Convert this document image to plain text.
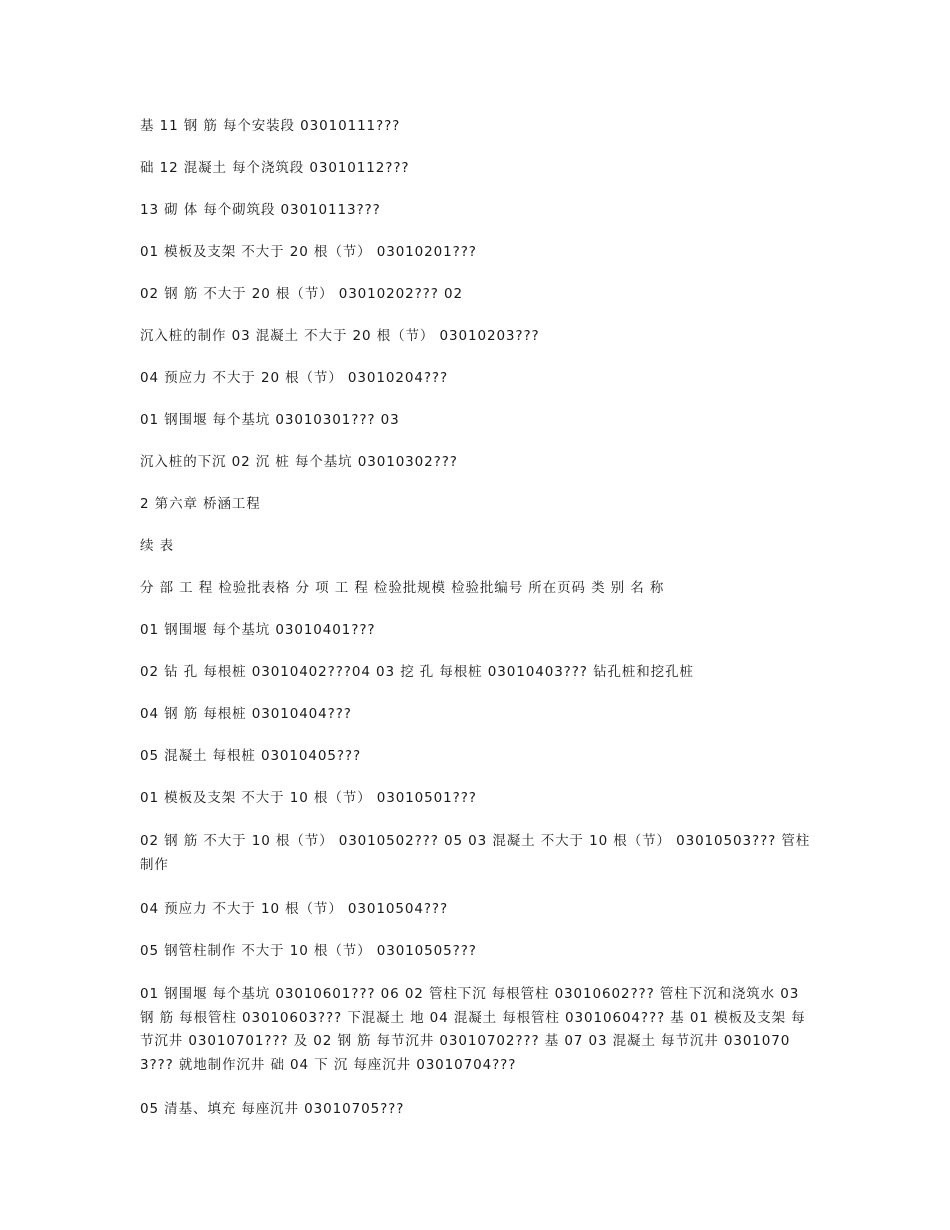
基 11 钢 筋 每个安装段 03010111???

础 12 混凝土 每个浇筑段 03010112???

13 砌 体 每个砌筑段 03010113???

01 模板及支架 不大于 20 根（节） 03010201???

02 钢 筋 不大于 20 根（节） 03010202??? 02

沉入桩的制作 03 混凝土 不大于 20 根（节） 03010203???

04 预应力 不大于 20 根（节） 03010204???

01 钢围堰 每个基坑 03010301??? 03

沉入桩的下沉 02 沉 桩 每个基坑 03010302???

2 第六章 桥涵工程

续 表

分 部 工 程 检验批表格 分 项 工 程 检验批规模 检验批编号 所在页码 类 别 名 称

01 钢围堰 每个基坑 03010401???

02 钻 孔 每根桩 03010402???04 03 挖 孔 每根桩 03010403??? 钻孔桩和挖孔桩

04 钢 筋 每根桩 03010404???

05 混凝土 每根桩 03010405???

01 模板及支架 不大于 10 根（节） 03010501???

02 钢 筋 不大于 10 根（节） 03010502??? 05 03 混凝土 不大于 10 根（节） 03010503??? 管柱制作

04 预应力 不大于 10 根（节） 03010504???

05 钢管柱制作 不大于 10 根（节） 03010505???

01 钢围堰 每个基坑 03010601??? 06 02 管柱下沉 每根管柱 03010602??? 管柱下沉和浇筑水 03 钢 筋 每根管柱 03010603??? 下混凝土 地 04 混凝土 每根管柱 03010604??? 基 01 模板及支架 每节沉井 03010701??? 及 02 钢 筋 每节沉井 03010702??? 基 07 03 混凝土 每节沉井 03010703??? 就地制作沉井 础 04 下 沉 每座沉井 03010704???

05 清基、填充 每座沉井 03010705???
